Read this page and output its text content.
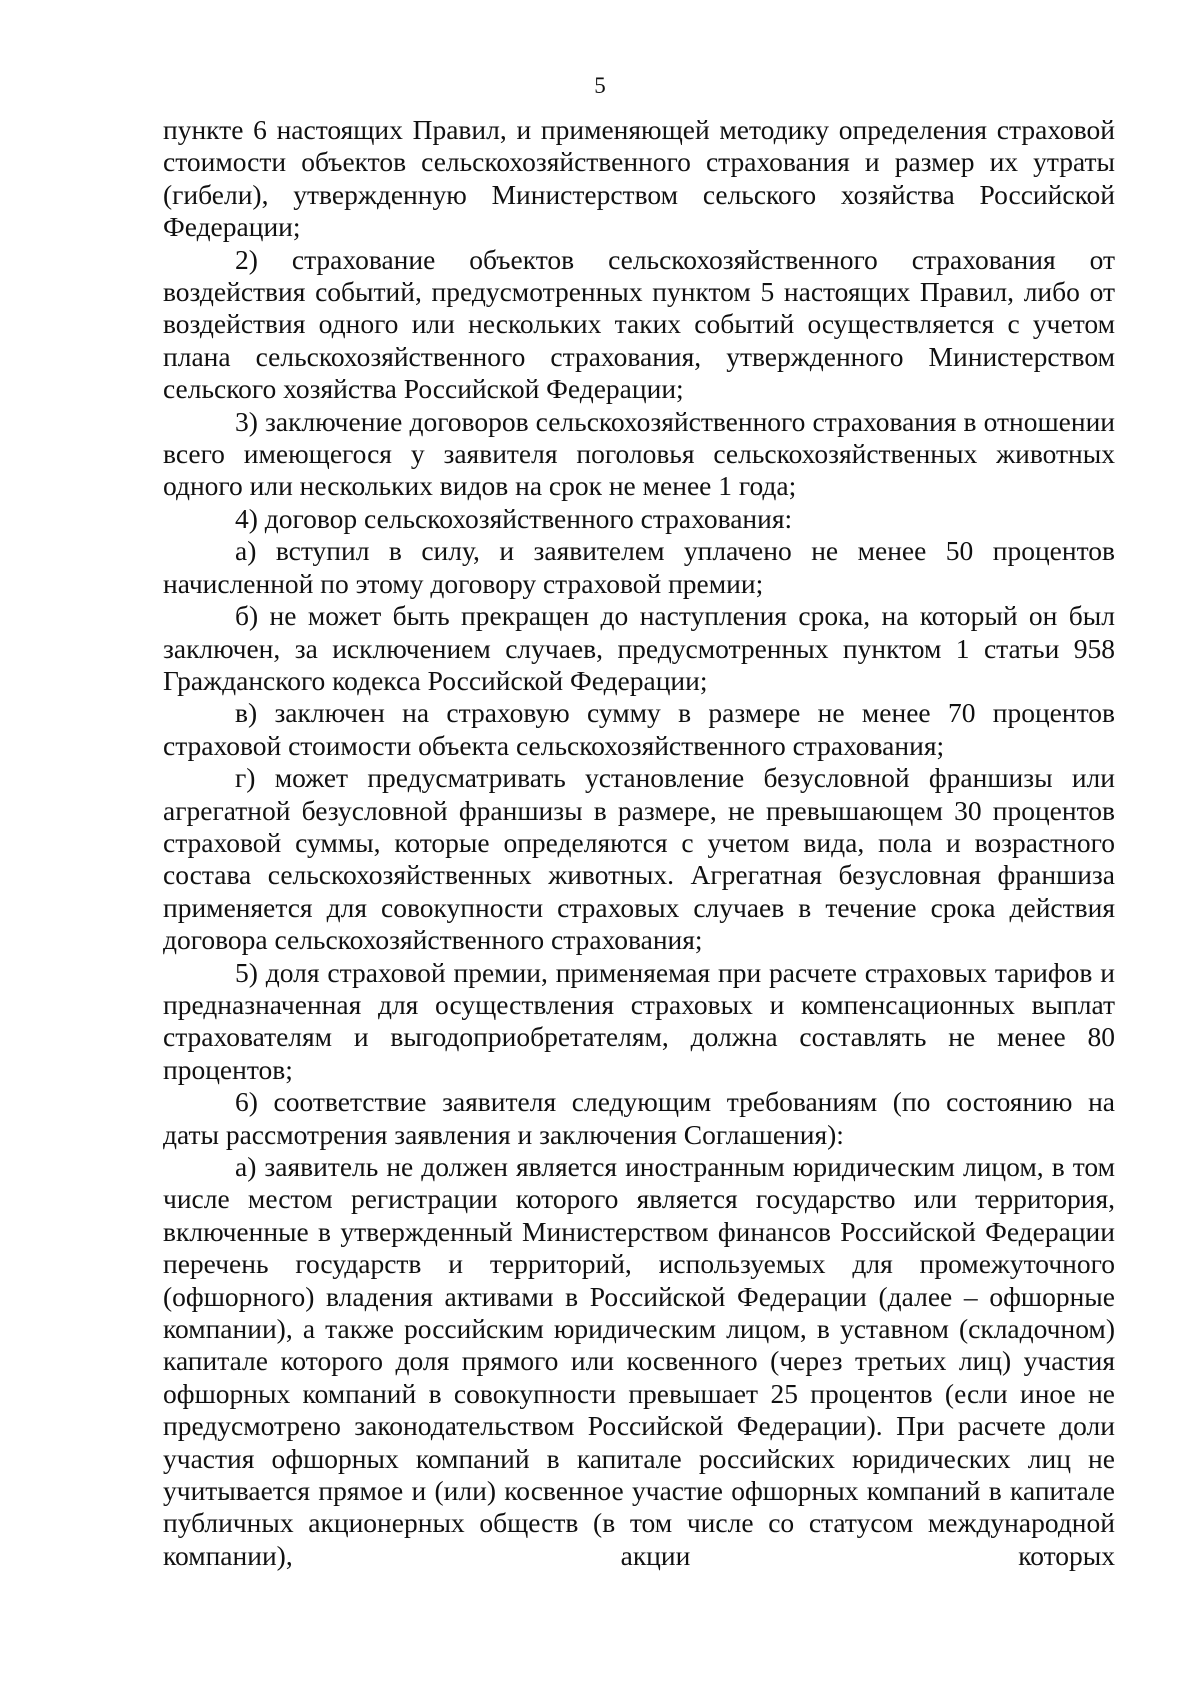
5

пункте 6 настоящих Правил, и применяющей методику определения страховой стоимости объектов сельскохозяйственного страхования и размер их утраты (гибели), утвержденную Министерством сельского хозяйства Российской Федерации;

2) страхование объектов сельскохозяйственного страхования от воздействия событий, предусмотренных пунктом 5 настоящих Правил, либо от воздействия одного или нескольких таких событий осуществляется с учетом плана сельскохозяйственного страхования, утвержденного Министерством сельского хозяйства Российской Федерации;

3) заключение договоров сельскохозяйственного страхования в отношении всего имеющегося у заявителя поголовья сельскохозяйственных животных одного или нескольких видов на срок не менее 1 года;

4) договор сельскохозяйственного страхования:

а) вступил в силу, и заявителем уплачено не менее 50 процентов начисленной по этому договору страховой премии;

б) не может быть прекращен до наступления срока, на который он был заключен, за исключением случаев, предусмотренных пунктом 1 статьи 958 Гражданского кодекса Российской Федерации;

в) заключен на страховую сумму в размере не менее 70 процентов страховой стоимости объекта сельскохозяйственного страхования;

г) может предусматривать установление безусловной франшизы или агрегатной безусловной франшизы в размере, не превышающем 30 процентов страховой суммы, которые определяются с учетом вида, пола и возрастного состава сельскохозяйственных животных. Агрегатная безусловная франшиза применяется для совокупности страховых случаев в течение срока действия договора сельскохозяйственного страхования;

5) доля страховой премии, применяемая при расчете страховых тарифов и предназначенная для осуществления страховых и компенсационных выплат страхователям и выгодоприобретателям, должна составлять не менее 80 процентов;

6) соответствие заявителя следующим требованиям (по состоянию на даты рассмотрения заявления и заключения Соглашения):

а) заявитель не должен является иностранным юридическим лицом, в том числе местом регистрации которого является государство или территория, включенные в утвержденный Министерством финансов Российской Федерации перечень государств и территорий, используемых для промежуточного (офшорного) владения активами в Российской Федерации (далее – офшорные компании), а также российским юридическим лицом, в уставном (складочном) капитале которого доля прямого или косвенного (через третьих лиц) участия офшорных компаний в совокупности превышает 25 процентов (если иное не предусмотрено законодательством Российской Федерации). При расчете доли участия офшорных компаний в капитале российских юридических лиц не учитывается прямое и (или) косвенное участие офшорных компаний в капитале публичных акционерных обществ (в том числе со статусом международной компании), акции которых
